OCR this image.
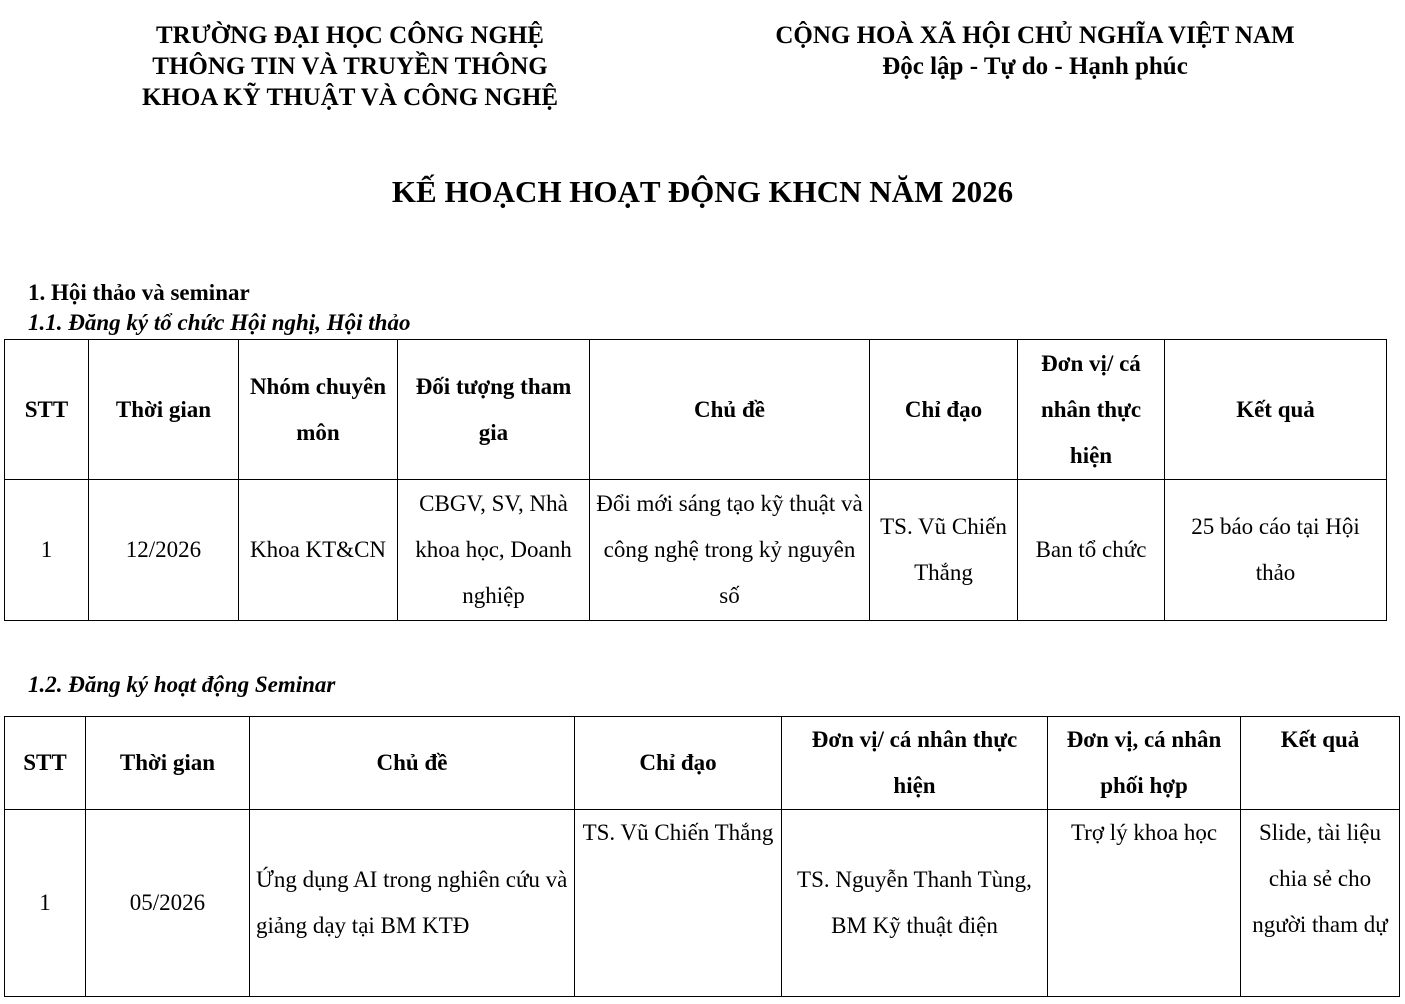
TRƯỜNG ĐẠI HỌC CÔNG NGHỆ
THÔNG TIN VÀ TRUYỀN THÔNG
KHOA KỸ THUẬT VÀ CÔNG NGHỆ
CỘNG HOÀ XÃ HỘI CHỦ NGHĨA VIỆT NAM
Độc lập - Tự do - Hạnh phúc
KẾ HOẠCH HOẠT ĐỘNG KHCN NĂM 2026
1. Hội thảo và seminar
1.1. Đăng ký tổ chức Hội nghị, Hội thảo
STT	Thời gian	Nhóm chuyên môn	Đối tượng tham gia	Chủ đề	Chỉ đạo	Đơn vị/ cá nhân thực hiện	Kết quả
1	12/2026	Khoa KT&CN	CBGV, SV, Nhà khoa học, Doanh nghiệp	Đổi mới sáng tạo kỹ thuật và công nghệ trong kỷ nguyên số	TS. Vũ Chiến Thắng	Ban tổ chức	25 báo cáo tại Hội thảo
1.2. Đăng ký hoạt động Seminar
STT	Thời gian	Chủ đề	Chỉ đạo	Đơn vị/ cá nhân thực hiện	Đơn vị, cá nhân phối hợp	Kết quả
1	05/2026	Ứng dụng AI trong nghiên cứu và giảng dạy tại BM KTĐ	TS. Vũ Chiến Thắng	TS. Nguyễn Thanh Tùng, BM Kỹ thuật điện	Trợ lý khoa học	Slide, tài liệu chia sẻ cho người tham dự
